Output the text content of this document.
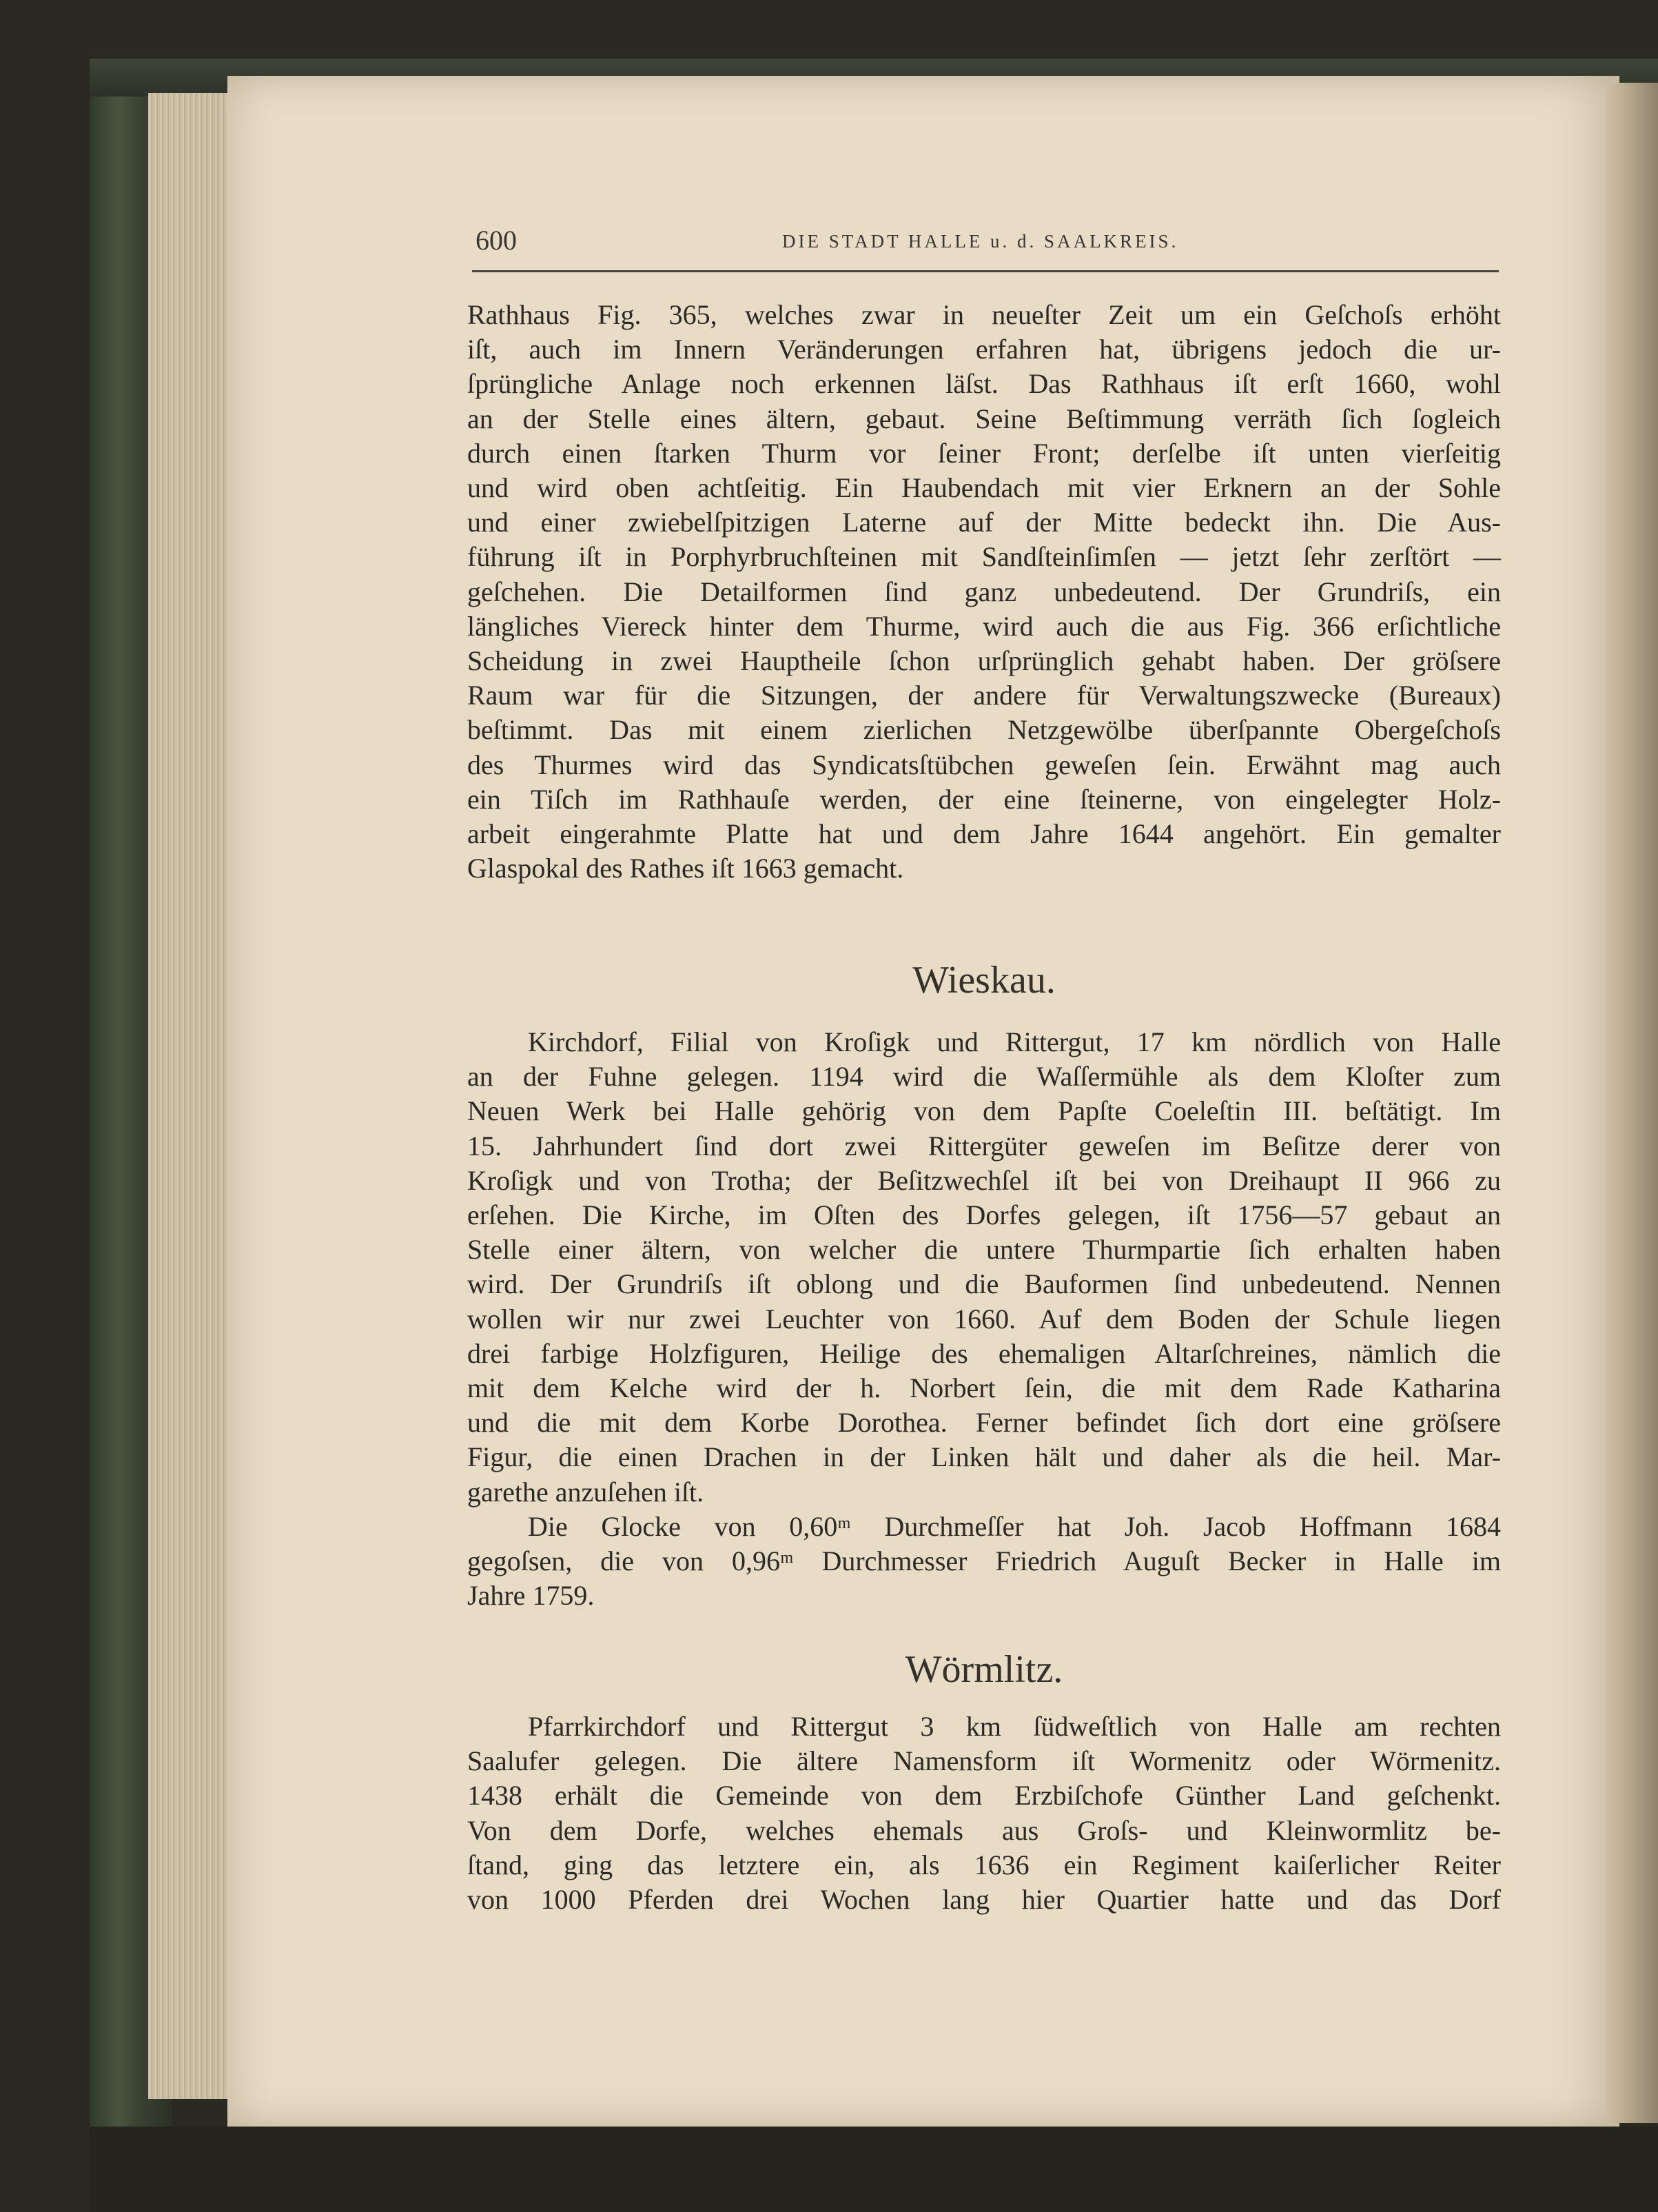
600	DIE STADT HALLE u. d. SAALKREIS.

Rathhaus Fig. 365, welches zwar in neueſter Zeit um ein Geſchoſs erhöht

iſt, auch im Innern Veränderungen erfahren hat, übrigens jedoch die ur-

ſprüngliche Anlage noch erkennen läſst. Das Rathhaus iſt erſt 1660, wohl

an der Stelle eines ältern, gebaut. Seine Beſtimmung verräth ſich ſogleich

durch einen ſtarken Thurm vor ſeiner Front; derſelbe iſt unten vierſeitig

und wird oben achtſeitig. Ein Haubendach mit vier Erknern an der Sohle

und einer zwiebelſpitzigen Laterne auf der Mitte bedeckt ihn. Die Aus-

führung iſt in Porphyrbruchſteinen mit Sandſteinſimſen — jetzt ſehr zerſtört —

geſchehen. Die Detailformen ſind ganz unbedeutend. Der Grundriſs, ein

längliches Viereck hinter dem Thurme, wird auch die aus Fig. 366 erſichtliche

Scheidung in zwei Hauptheile ſchon urſprünglich gehabt haben. Der gröſsere

Raum war für die Sitzungen, der andere für Verwaltungszwecke (Bureaux)

beſtimmt. Das mit einem zierlichen Netzgewölbe überſpannte Obergeſchoſs

des Thurmes wird das Syndicatsſtübchen geweſen ſein. Erwähnt mag auch

ein Tiſch im Rathhauſe werden, der eine ſteinerne, von eingelegter Holz-

arbeit eingerahmte Platte hat und dem Jahre 1644 angehört. Ein gemalter

Glaspokal des Rathes iſt 1663 gemacht.

Wieskau.

Kirchdorf, Filial von Kroſigk und Rittergut, 17 km nördlich von Halle

an der Fuhne gelegen. 1194 wird die Waſſermühle als dem Kloſter zum

Neuen Werk bei Halle gehörig von dem Papſte Coeleſtin III. beſtätigt. Im

15. Jahrhundert ſind dort zwei Rittergüter geweſen im Beſitze derer von

Kroſigk und von Trotha; der Beſitzwechſel iſt bei von Dreihaupt II 966 zu

erſehen. Die Kirche, im Oſten des Dorfes gelegen, iſt 1756—57 gebaut an

Stelle einer ältern, von welcher die untere Thurmpartie ſich erhalten haben

wird. Der Grundriſs iſt oblong und die Bauformen ſind unbedeutend. Nennen

wollen wir nur zwei Leuchter von 1660. Auf dem Boden der Schule liegen

drei farbige Holzfiguren, Heilige des ehemaligen Altarſchreines, nämlich die

mit dem Kelche wird der h. Norbert ſein, die mit dem Rade Katharina

und die mit dem Korbe Dorothea. Ferner befindet ſich dort eine gröſsere

Figur, die einen Drachen in der Linken hält und daher als die heil. Mar-

garethe anzuſehen iſt.

Die Glocke von 0,60ᵐ Durchmeſſer hat Joh. Jacob Hoffmann 1684

gegoſsen, die von 0,96ᵐ Durchmesser Friedrich Auguſt Becker in Halle im

Jahre 1759.

Wörmlitz.

Pfarrkirchdorf und Rittergut 3 km ſüdweſtlich von Halle am rechten

Saalufer gelegen. Die ältere Namensform iſt Wormenitz oder Wörmenitz.

1438 erhält die Gemeinde von dem Erzbiſchofe Günther Land geſchenkt.

Von dem Dorfe, welches ehemals aus Groſs- und Kleinwormlitz be-

ſtand, ging das letztere ein, als 1636 ein Regiment kaiſerlicher Reiter

von 1000 Pferden drei Wochen lang hier Quartier hatte und das Dorf
